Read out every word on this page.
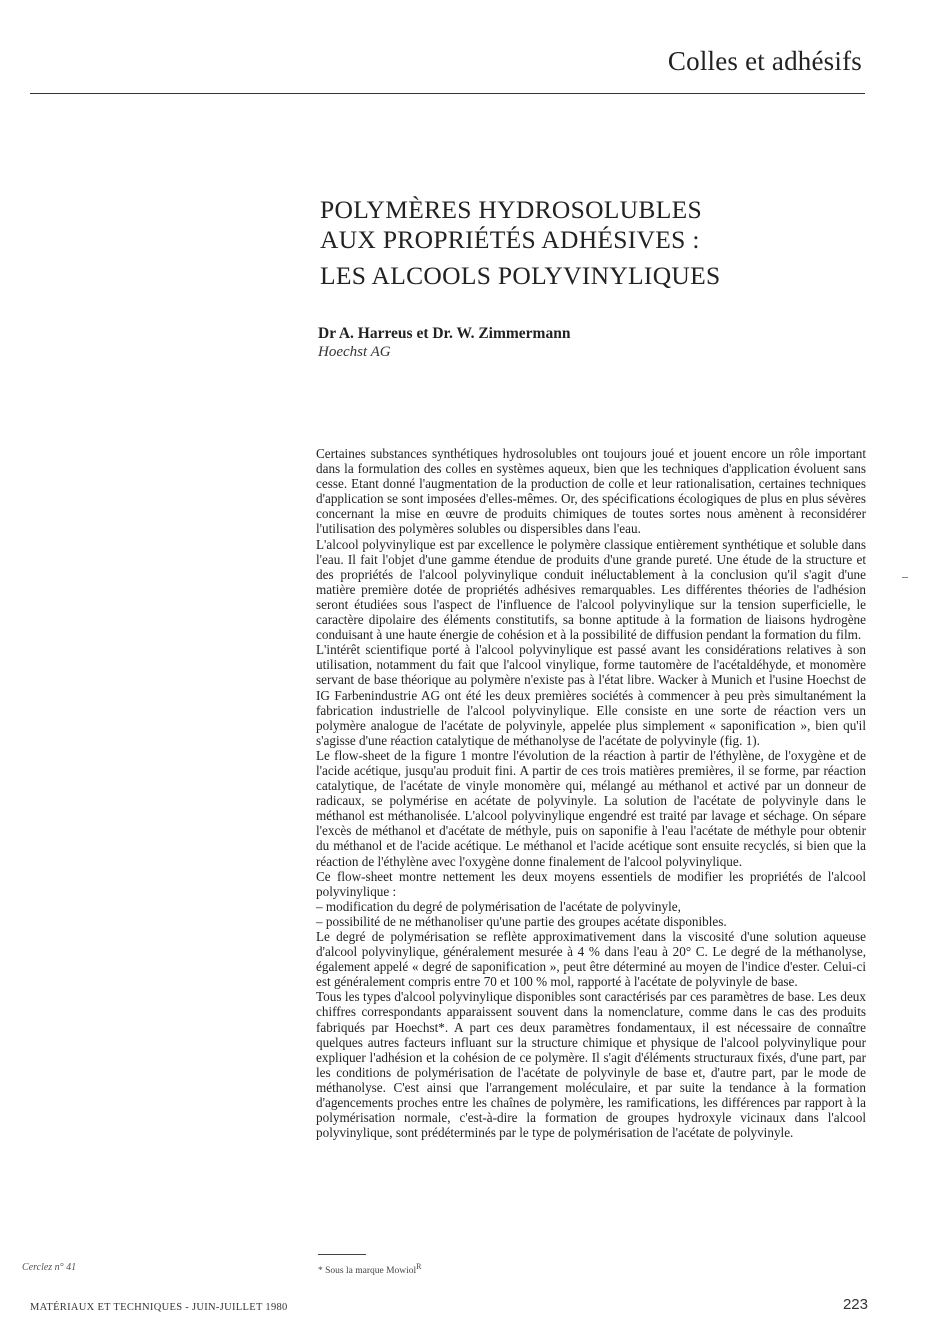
Colles et adhésifs
POLYMÈRES HYDROSOLUBLES
AUX PROPRIÉTÉS ADHÉSIVES :
LES ALCOOLS POLYVINYLIQUES
Dr A. Harreus et Dr. W. Zimmermann
Hoechst AG

Certaines substances synthétiques hydrosolubles ont toujours joué et jouent encore un rôle important dans la formulation des colles en systèmes aqueux, bien que les techniques d'application évoluent sans cesse. Etant donné l'augmentation de la production de colle et leur rationalisation, certaines techniques d'application se sont imposées d'elles-mêmes. Or, des spécifications écologiques de plus en plus sévères concernant la mise en œuvre de produits chimiques de toutes sortes nous amènent à reconsidérer l'utilisation des polymères solubles ou dispersibles dans l'eau.

L'alcool polyvinylique est par excellence le polymère classique entièrement synthétique et soluble dans l'eau. Il fait l'objet d'une gamme étendue de produits d'une grande pureté. Une étude de la structure et des propriétés de l'alcool polyvinylique conduit inéluctablement à la conclusion qu'il s'agit d'une matière première dotée de propriétés adhésives remarquables. Les différentes théories de l'adhésion seront étudiées sous l'aspect de l'influence de l'alcool polyvinylique sur la tension superficielle, le caractère dipolaire des éléments constitutifs, sa bonne aptitude à la formation de liaisons hydrogène conduisant à une haute énergie de cohésion et à la possibilité de diffusion pendant la formation du film.

L'intérêt scientifique porté à l'alcool polyvinylique est passé avant les considérations relatives à son utilisation, notamment du fait que l'alcool vinylique, forme tautomère de l'acétaldéhyde, et monomère servant de base théorique au polymère n'existe pas à l'état libre. Wacker à Munich et l'usine Hoechst de IG Farbenindustrie AG ont été les deux premières sociétés à commencer à peu près simultanément la fabrication industrielle de l'alcool polyvinylique. Elle consiste en une sorte de réaction vers un polymère analogue de l'acétate de polyvinyle, appelée plus simplement « saponification », bien qu'il s'agisse d'une réaction catalytique de méthanolyse de l'acétate de polyvinyle (fig. 1).

Le flow-sheet de la figure 1 montre l'évolution de la réaction à partir de l'éthylène, de l'oxygène et de l'acide acétique, jusqu'au produit fini. A partir de ces trois matières premières, il se forme, par réaction catalytique, de l'acétate de vinyle monomère qui, mélangé au méthanol et activé par un donneur de radicaux, se polymérise en acétate de polyvinyle. La solution de l'acétate de polyvinyle dans le méthanol est méthanolisée. L'alcool polyvinylique engendré est traité par lavage et séchage. On sépare l'excès de méthanol et d'acétate de méthyle, puis on saponifie à l'eau l'acétate de méthyle pour obtenir du méthanol et de l'acide acétique. Le méthanol et l'acide acétique sont ensuite recyclés, si bien que la réaction de l'éthylène avec l'oxygène donne finalement de l'alcool polyvinylique.

Ce flow-sheet montre nettement les deux moyens essentiels de modifier les propriétés de l'alcool polyvinylique :

– modification du degré de polymérisation de l'acétate de polyvinyle,

– possibilité de ne méthanoliser qu'une partie des groupes acétate disponibles.

Le degré de polymérisation se reflète approximativement dans la viscosité d'une solution aqueuse d'alcool polyvinylique, généralement mesurée à 4 % dans l'eau à 20° C. Le degré de la méthanolyse, également appelé « degré de saponification », peut être déterminé au moyen de l'indice d'ester. Celui-ci est généralement compris entre 70 et 100 % mol, rapporté à l'acétate de polyvinyle de base.

Tous les types d'alcool polyvinylique disponibles sont caractérisés par ces paramètres de base. Les deux chiffres correspondants apparaissent souvent dans la nomenclature, comme dans le cas des produits fabriqués par Hoechst*. A part ces deux paramètres fondamentaux, il est nécessaire de connaître quelques autres facteurs influant sur la structure chimique et physique de l'alcool polyvinylique pour expliquer l'adhésion et la cohésion de ce polymère. Il s'agit d'éléments structuraux fixés, d'une part, par les conditions de polymérisation de l'acétate de polyvinyle de base et, d'autre part, par le mode de méthanolyse. C'est ainsi que l'arrangement moléculaire, et par suite la tendance à la formation d'agencements proches entre les chaînes de polymère, les ramifications, les différences par rapport à la polymérisation normale, c'est-à-dire la formation de groupes hydroxyle vicinaux dans l'alcool polyvinylique, sont prédéterminés par le type de polymérisation de l'acétate de polyvinyle.

Cerclez n° 41	* Sous la marque Mowiol$^R$
MATÉRIAUX ET TECHNIQUES - JUIN-JUILLET 1980	223
